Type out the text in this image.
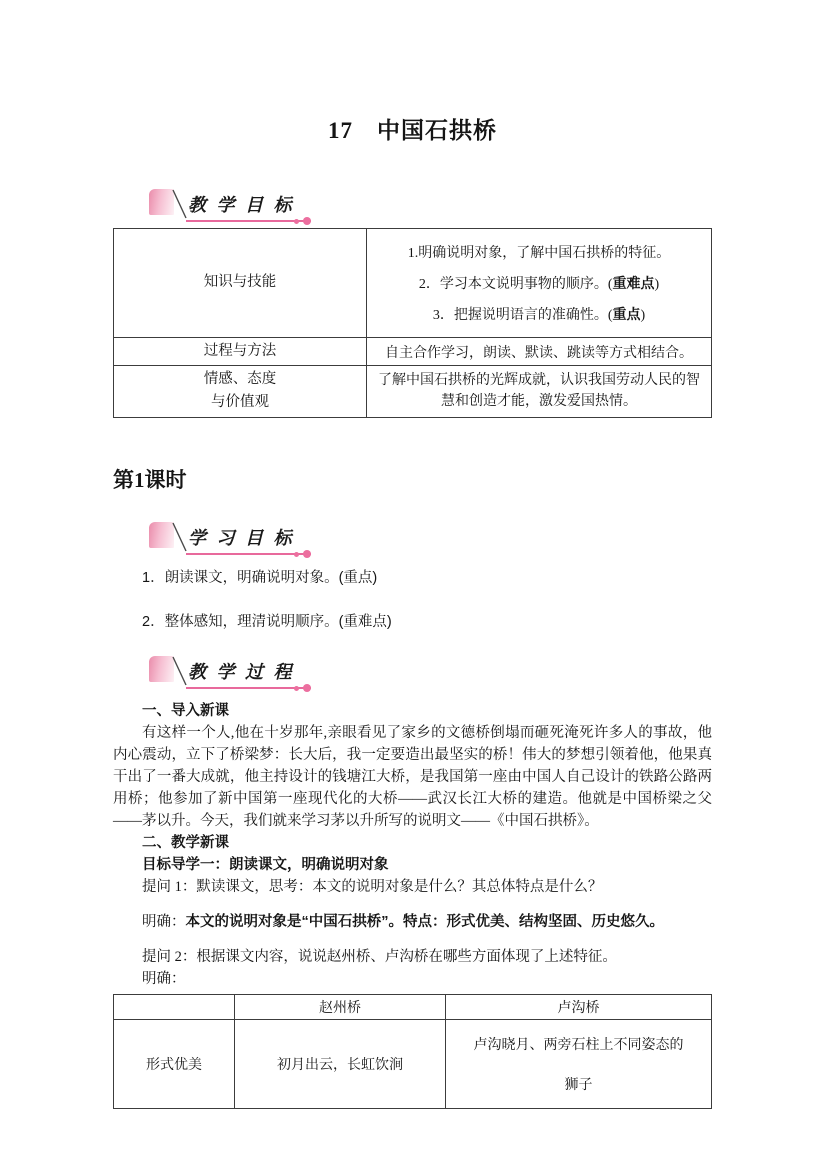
17　中国石拱桥
教 学 目 标
知识与技能	1.明确说明对象，了解中国石拱桥的特征。
2．学习本文说明事物的顺序。(重难点)
3．把握说明语言的准确性。(重点)

过程与方法	自主合作学习，朗读、默读、跳读等方式相结合。

情感、态度
与价值观	了解中国石拱桥的光辉成就，认识我国劳动人民的智慧和创造才能，激发爱国热情。
第1课时
学 习 目 标
1．朗读课文，明确说明对象。(重点)
2．整体感知，理清说明顺序。(重难点)
教 学 过 程
一、导入新课

有这样一个人,他在十岁那年,亲眼看见了家乡的文德桥倒塌而砸死淹死许多人的事故，他内心震动，立下了桥梁梦：长大后，我一定要造出最坚实的桥！伟大的梦想引领着他，他果真干出了一番大成就，他主持设计的钱塘江大桥，是我国第一座由中国人自己设计的铁路公路两用桥；他参加了新中国第一座现代化的大桥——武汉长江大桥的建造。他就是中国桥梁之父——茅以升。今天，我们就来学习茅以升所写的说明文——《中国石拱桥》。

二、教学新课
目标导学一：朗读课文，明确说明对象
提问 1：默读课文，思考：本文的说明对象是什么？其总体特点是什么？
明确：本文的说明对象是“中国石拱桥”。特点：形式优美、结构坚固、历史悠久。
提问 2：根据课文内容，说说赵州桥、卢沟桥在哪些方面体现了上述特征。
明确：
	赵州桥	卢沟桥
形式优美	初月出云，长虹饮涧	卢沟晓月、两旁石柱上不同姿态的
狮子
